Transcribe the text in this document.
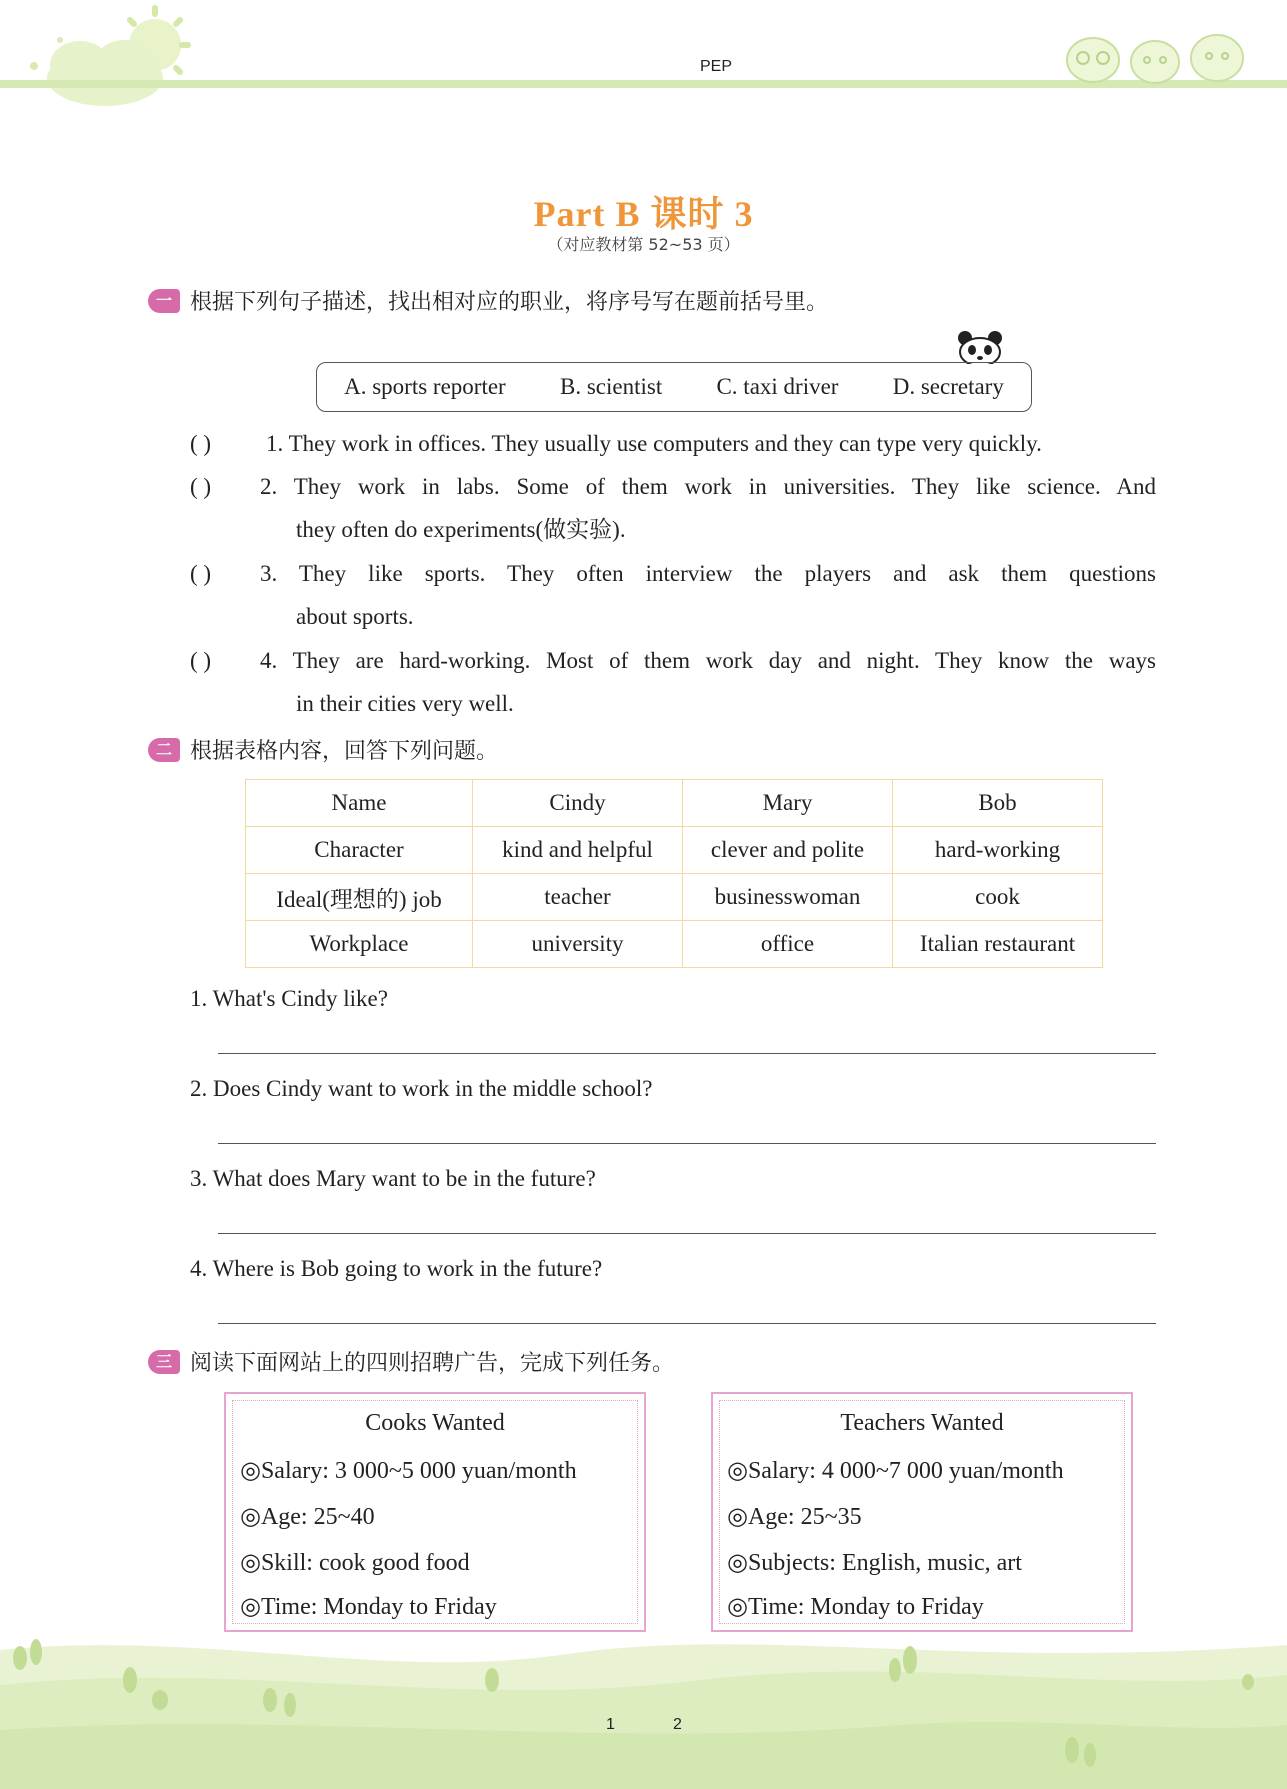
PEP
Part B 课时 3
（对应教材第 52~53 页）
一 根据下列句子描述，找出相对应的职业，将序号写在题前括号里。
A. sports reporter B. scientist C. taxi driver D. secretary
( ) 1. They work in offices. They usually use computers and they can type very quickly.
( )	2. They work in labs. Some of them work in universities. They like science. And
they often do experiments(做实验).
( )	3. They like sports. They often interview the players and ask them questions
about sports.
( )	4. They are hard-working. Most of them work day and night. They know the ways
in their cities very well.
二 根据表格内容，回答下列问题。
Name	Cindy	Mary	Bob
Character	kind and helpful	clever and polite	hard-working
Ideal(理想的) job	teacher	businesswoman	cook
Workplace	university	office	Italian restaurant
1. What's Cindy like?
2. Does Cindy want to work in the middle school?
3. What does Mary want to be in the future?
4. Where is Bob going to work in the future?
三 阅读下面网站上的四则招聘广告，完成下列任务。
Cooks Wanted
◎Salary: 3 000~5 000 yuan/month
◎Age: 25~40
◎Skill: cook good food
◎Time: Monday to Friday
Teachers Wanted
◎Salary: 4 000~7 000 yuan/month
◎Age: 25~35
◎Subjects: English, music, art
◎Time: Monday to Friday
1	2
